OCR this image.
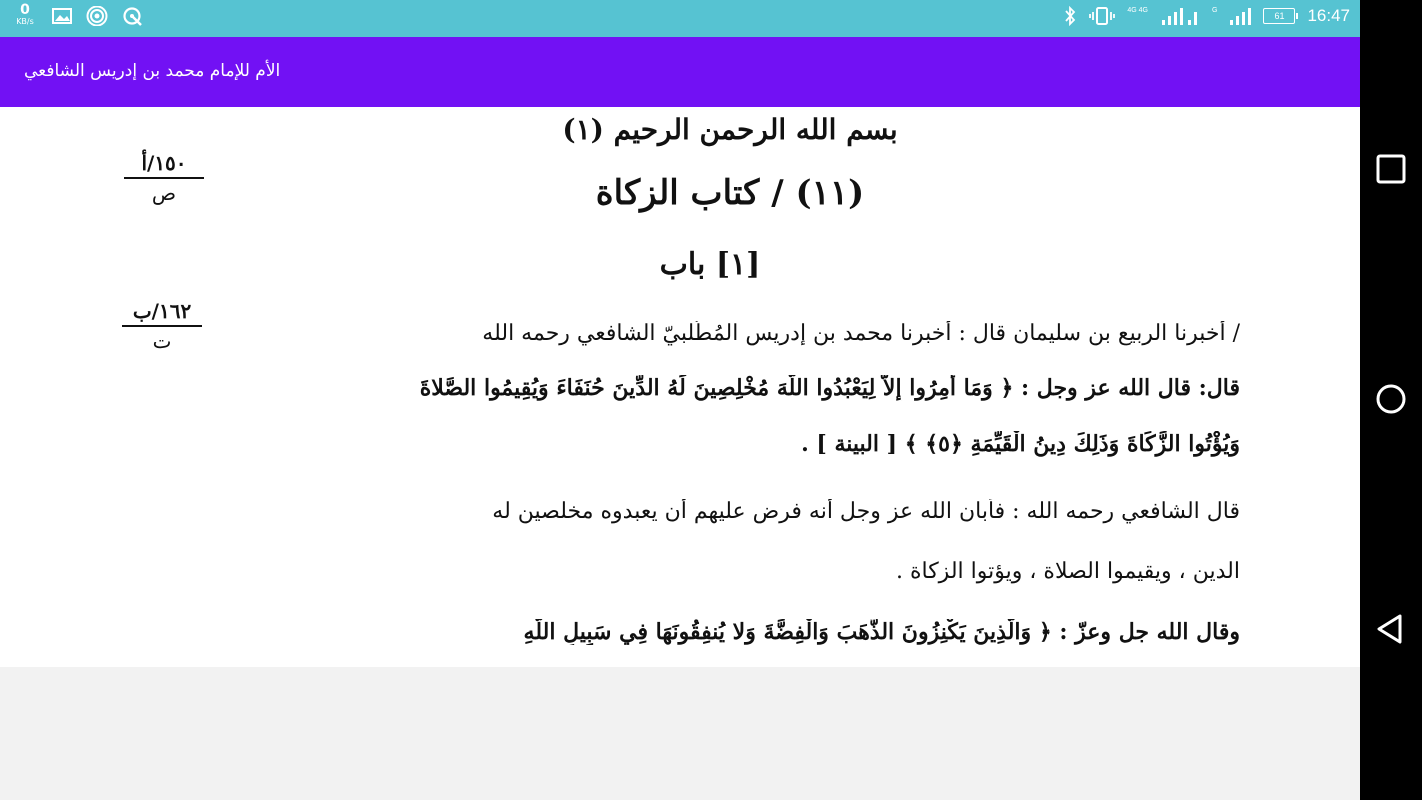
0
KB/s
4G 4G	G
61	16:47
الأم للإمام محمد بن إدريس الشافعي
بسم الله الرحمن الرحيم (١)
١٥٠/أ
ص	(١١) / كتاب الزكاة
[١] باب
١٦٢/ب
ت	/ أخبرنا الربيع بن سليمان قال : أخبرنا محمد بن إدريس المُطَّلبيّ الشافعي رحمه الله
قال: قال الله عز وجل : ﴿ وَمَا أُمِرُوا إِلاَّ لِيَعْبُدُوا اللَّهَ مُخْلِصِينَ لَهُ الدِّينَ حُنَفَاءَ وَيُقِيمُوا الصَّلاةَ
وَيُؤْتُوا الزَّكَاةَ وَذَلِكَ دِينُ الْقَيِّمَةِ ﴿٥﴾ ﴾ [ البينة ] .
قال الشافعي رحمه الله : فأبان الله عز وجل أنه فرض عليهم أن يعبدوه مخلصين له
الدين ، ويقيموا الصلاة ، ويؤتوا الزكاة .
وقال الله جل وعزّ : ﴿ وَالَّذِينَ يَكْنِزُونَ الذَّهَبَ وَالْفِضَّةَ وَلا يُنفِقُونَهَا فِي سَبِيلِ اللَّهِ
